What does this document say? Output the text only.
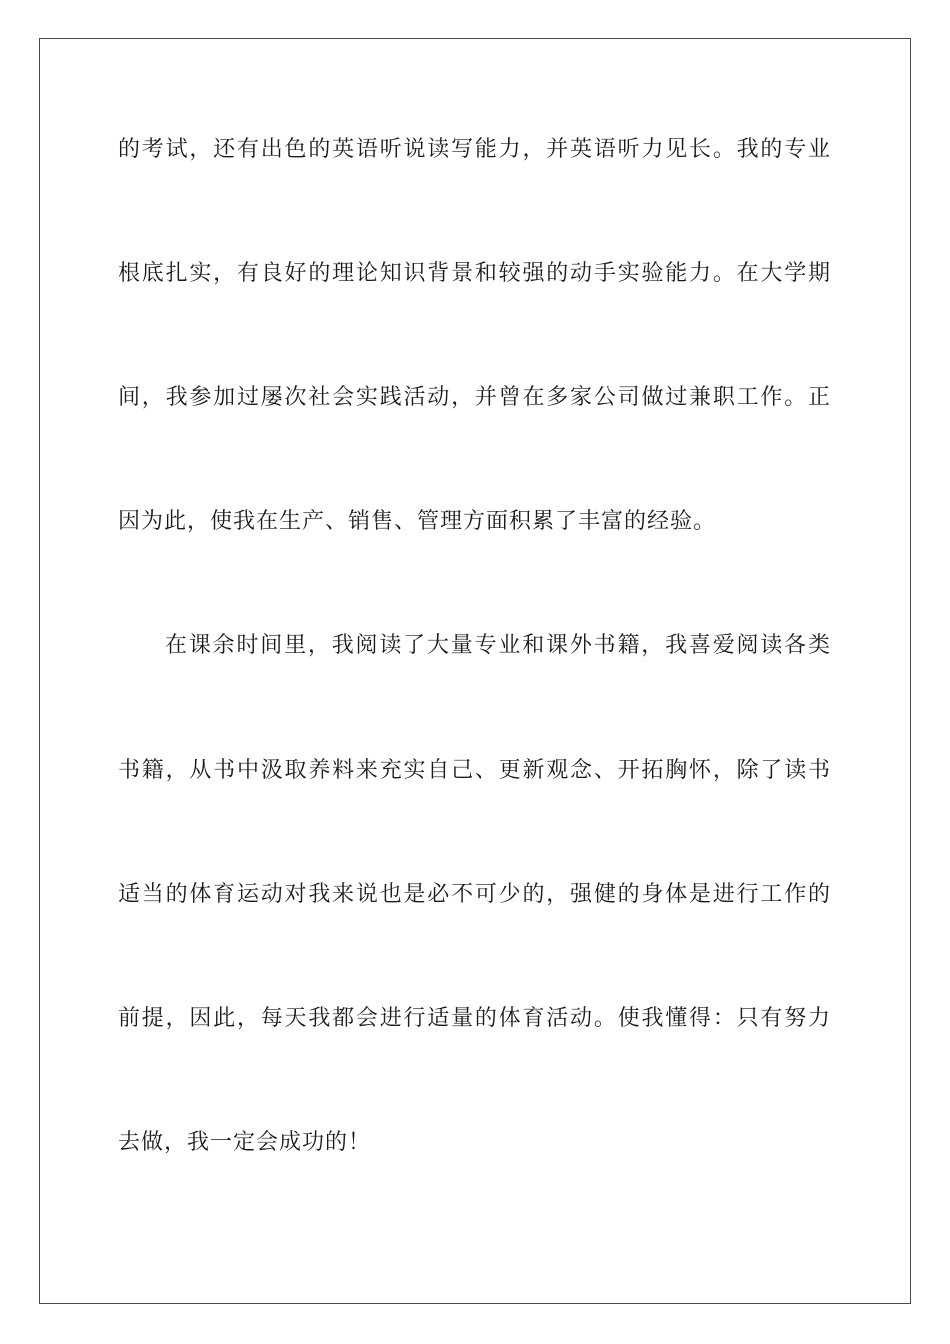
的考试，还有出色的英语听说读写能力，并英语听力见长。我的专业
根底扎实，有良好的理论知识背景和较强的动手实验能力。在大学期
间，我参加过屡次社会实践活动，并曾在多家公司做过兼职工作。正
因为此，使我在生产、销售、管理方面积累了丰富的经验。
在课余时间里，我阅读了大量专业和课外书籍，我喜爱阅读各类
书籍，从书中汲取养料来充实自己、更新观念、开拓胸怀，除了读书
适当的体育运动对我来说也是必不可少的，强健的身体是进行工作的
前提，因此，每天我都会进行适量的体育活动。使我懂得：只有努力
去做，我一定会成功的！
